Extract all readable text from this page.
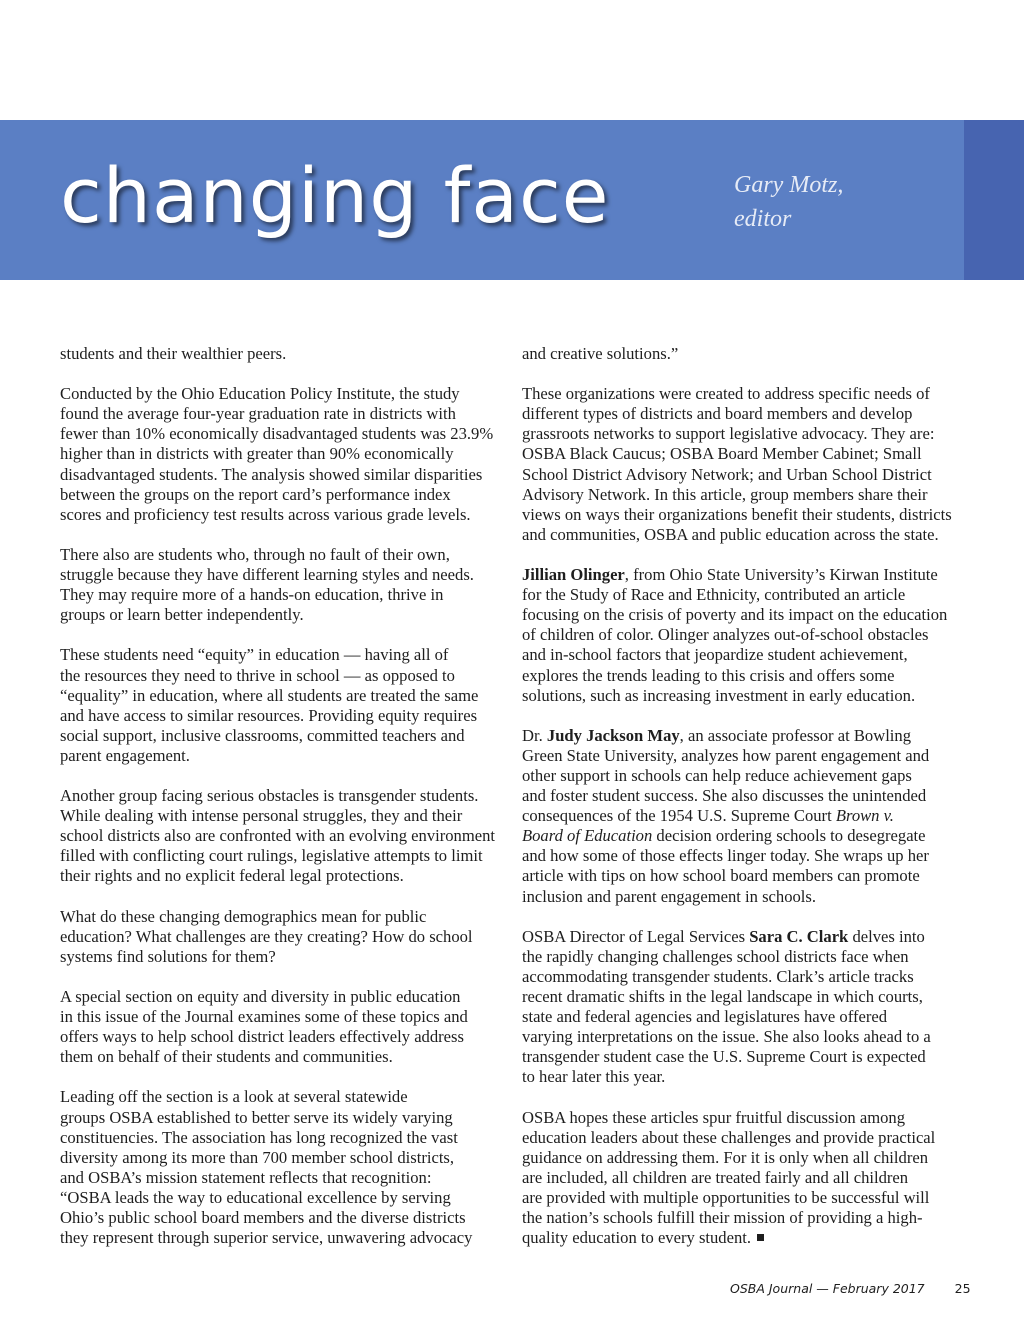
changing face	Gary Motz,
editor
students and their wealthier peers.
Conducted by the Ohio Education Policy Institute, the study
found the average four-year graduation rate in districts with
fewer than 10% economically disadvantaged students was 23.9%
higher than in districts with greater than 90% economically
disadvantaged students. The analysis showed similar disparities
between the groups on the report card’s performance index
scores and proficiency test results across various grade levels.
There also are students who, through no fault of their own,
struggle because they have different learning styles and needs.
They may require more of a hands-on education, thrive in
groups or learn better independently.
These students need “equity” in education — having all of
the resources they need to thrive in school — as opposed to
“equality” in education, where all students are treated the same
and have access to similar resources. Providing equity requires
social support, inclusive classrooms, committed teachers and
parent engagement.
Another group facing serious obstacles is transgender students.
While dealing with intense personal struggles, they and their
school districts also are confronted with an evolving environment
filled with conflicting court rulings, legislative attempts to limit
their rights and no explicit federal legal protections.
What do these changing demographics mean for public
education? What challenges are they creating? How do school
systems find solutions for them?
A special section on equity and diversity in public education
in this issue of the Journal examines some of these topics and
offers ways to help school district leaders effectively address
them on behalf of their students and communities.
Leading off the section is a look at several statewide
groups OSBA established to better serve its widely varying
constituencies. The association has long recognized the vast
diversity among its more than 700 member school districts,
and OSBA’s mission statement reflects that recognition:
“OSBA leads the way to educational excellence by serving
Ohio’s public school board members and the diverse districts
they represent through superior service, unwavering advocacy
and creative solutions.”
These organizations were created to address specific needs of
different types of districts and board members and develop
grassroots networks to support legislative advocacy. They are:
OSBA Black Caucus; OSBA Board Member Cabinet; Small
School District Advisory Network; and Urban School District
Advisory Network. In this article, group members share their
views on ways their organizations benefit their students, districts
and communities, OSBA and public education across the state.
Jillian Olinger, from Ohio State University’s Kirwan Institute
for the Study of Race and Ethnicity, contributed an article
focusing on the crisis of poverty and its impact on the education
of children of color. Olinger analyzes out-of-school obstacles
and in-school factors that jeopardize student achievement,
explores the trends leading to this crisis and offers some
solutions, such as increasing investment in early education.
Dr. Judy Jackson May, an associate professor at Bowling
Green State University, analyzes how parent engagement and
other support in schools can help reduce achievement gaps
and foster student success. She also discusses the unintended
consequences of the 1954 U.S. Supreme Court Brown v.
Board of Education decision ordering schools to desegregate
and how some of those effects linger today. She wraps up her
article with tips on how school board members can promote
inclusion and parent engagement in schools.
OSBA Director of Legal Services Sara C. Clark delves into
the rapidly changing challenges school districts face when
accommodating transgender students. Clark’s article tracks
recent dramatic shifts in the legal landscape in which courts,
state and federal agencies and legislatures have offered
varying interpretations on the issue. She also looks ahead to a
transgender student case the U.S. Supreme Court is expected
to hear later this year.
OSBA hopes these articles spur fruitful discussion among
education leaders about these challenges and provide practical
guidance on addressing them. For it is only when all children
are included, all children are treated fairly and all children
are provided with multiple opportunities to be successful will
the nation’s schools fulfill their mission of providing a high-
quality education to every student.
OSBA Journal — February 2017 25
